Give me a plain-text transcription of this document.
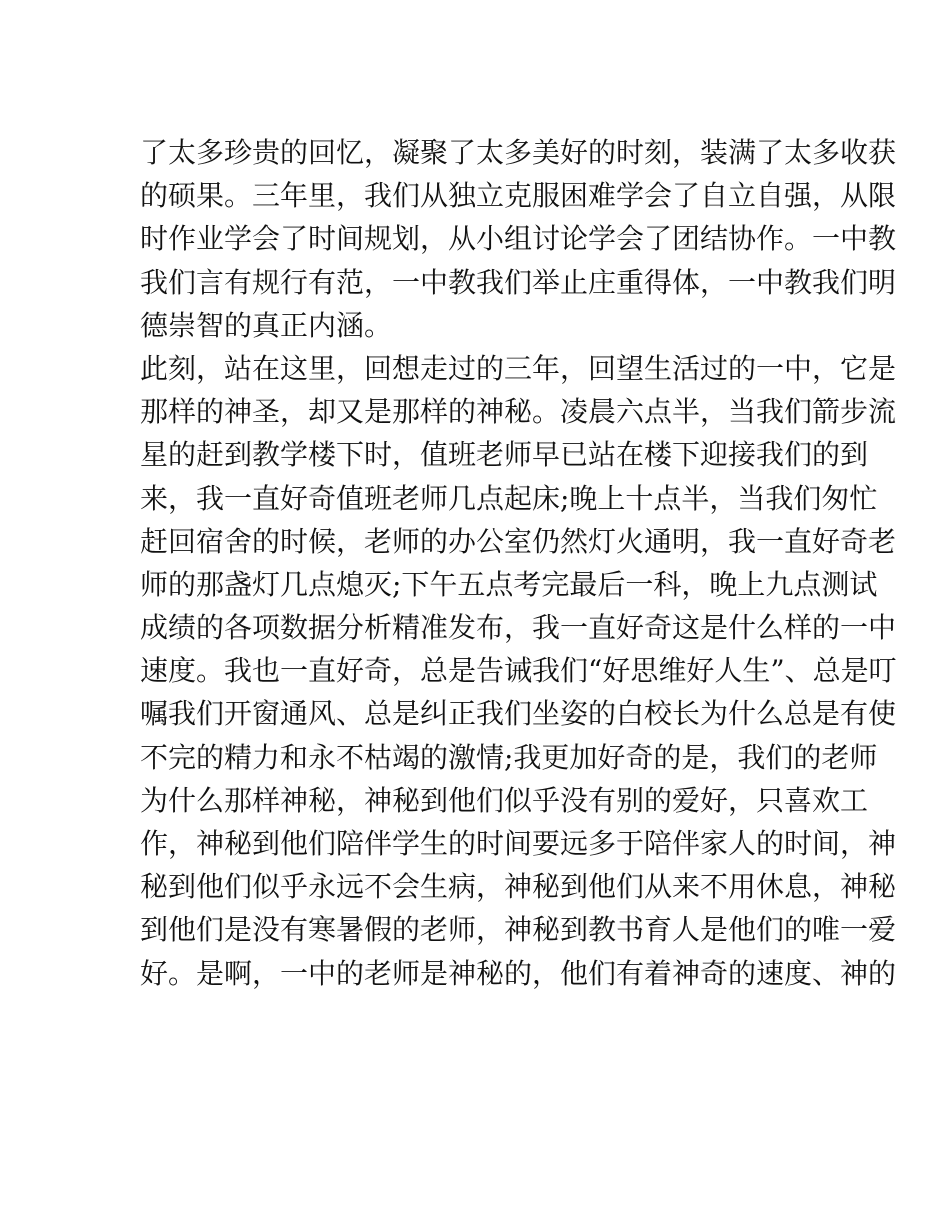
了太多珍贵的回忆，凝聚了太多美好的时刻，装满了太多收获
的硕果。三年里，我们从独立克服困难学会了自立自强，从限
时作业学会了时间规划，从小组讨论学会了团结协作。一中教
我们言有规行有范，一中教我们举止庄重得体，一中教我们明
德崇智的真正内涵。
此刻，站在这里，回想走过的三年，回望生活过的一中，它是
那样的神圣，却又是那样的神秘。凌晨六点半，当我们箭步流
星的赶到教学楼下时，值班老师早已站在楼下迎接我们的到
来，我一直好奇值班老师几点起床;晚上十点半，当我们匆忙
赶回宿舍的时候，老师的办公室仍然灯火通明，我一直好奇老
师的那盏灯几点熄灭;下午五点考完最后一科，晚上九点测试
成绩的各项数据分析精准发布，我一直好奇这是什么样的一中
速度。我也一直好奇，总是告诫我们“好思维好人生”、总是叮
嘱我们开窗通风、总是纠正我们坐姿的白校长为什么总是有使
不完的精力和永不枯竭的激情;我更加好奇的是，我们的老师
为什么那样神秘，神秘到他们似乎没有别的爱好，只喜欢工
作，神秘到他们陪伴学生的时间要远多于陪伴家人的时间，神
秘到他们似乎永远不会生病，神秘到他们从来不用休息，神秘
到他们是没有寒暑假的老师，神秘到教书育人是他们的唯一爱
好。是啊，一中的老师是神秘的，他们有着神奇的速度、神的
